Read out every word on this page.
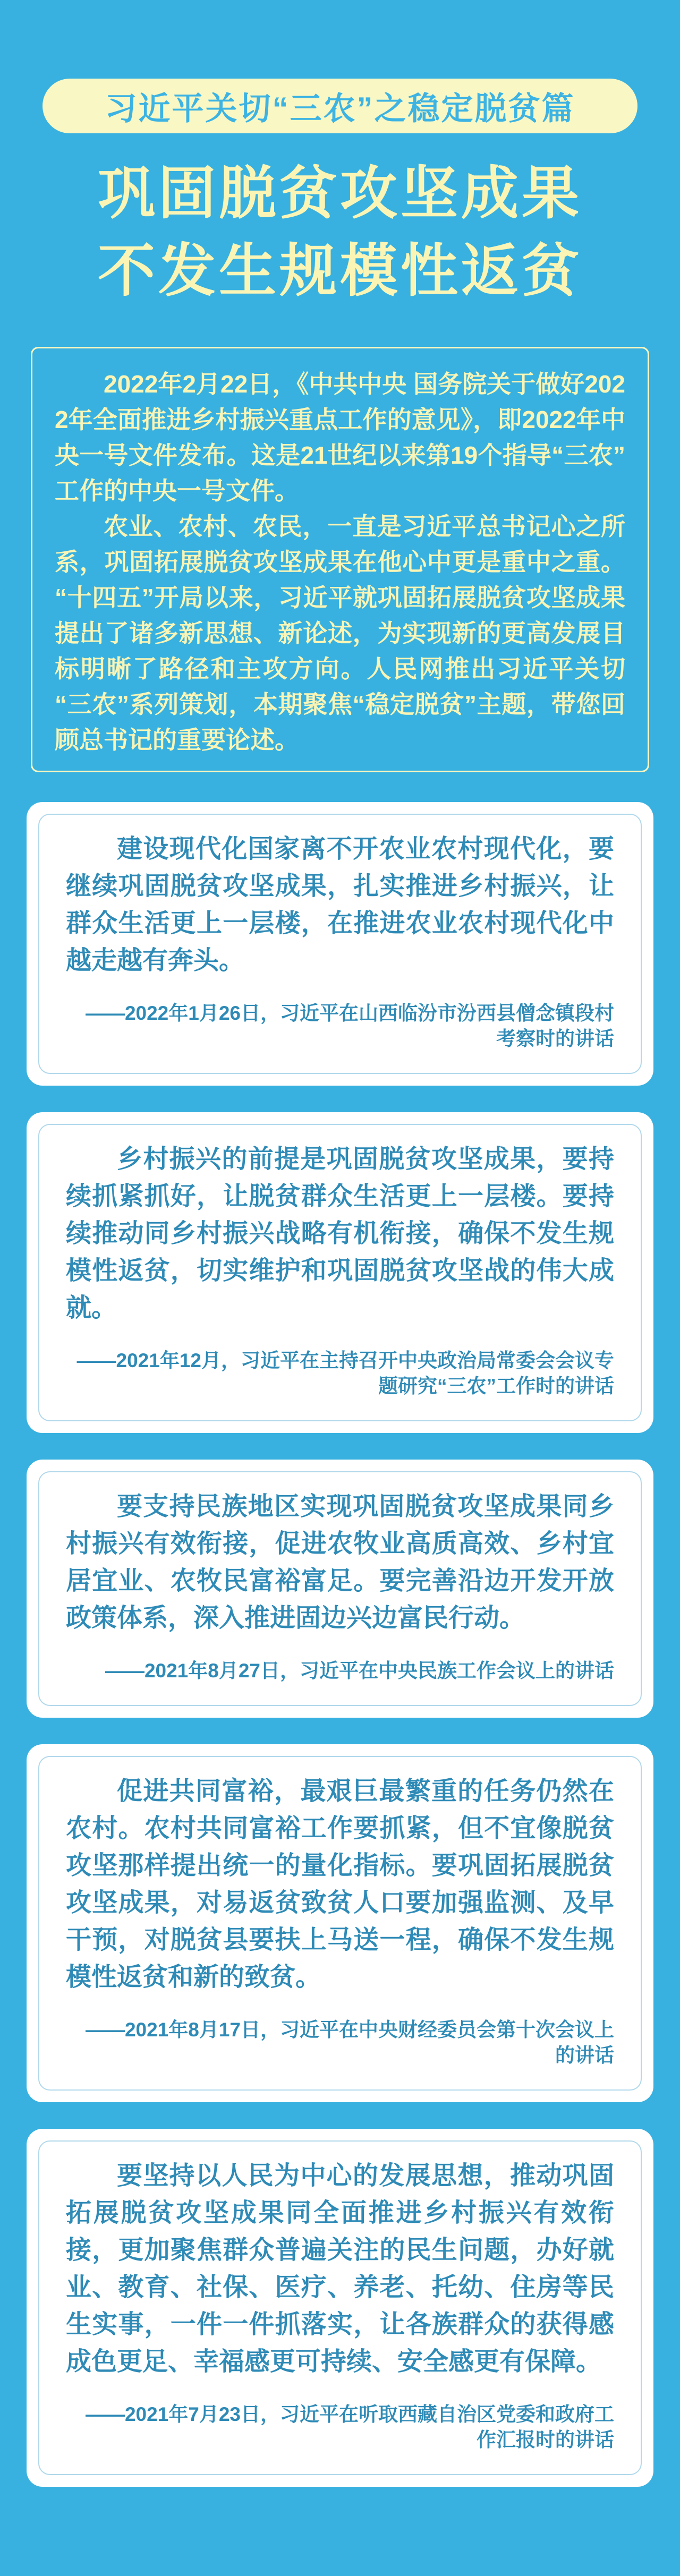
习近平关切“三农”之稳定脱贫篇
巩固脱贫攻坚成果
不发生规模性返贫

2022年2月22日，《中共中央 国务院关于做好2022年全面推进乡村振兴重点工作的意见》，即2022年中央一号文件发布。这是21世纪以来第19个指导“三农”工作的中央一号文件。

农业、农村、农民，一直是习近平总书记心之所系，巩固拓展脱贫攻坚成果在他心中更是重中之重。“十四五”开局以来，习近平就巩固拓展脱贫攻坚成果提出了诸多新思想、新论述，为实现新的更高发展目标明晰了路径和主攻方向。人民网推出习近平关切“三农”系列策划，本期聚焦“稳定脱贫”主题，带您回顾总书记的重要论述。

建设现代化国家离不开农业农村现代化，要继续巩固脱贫攻坚成果，扎实推进乡村振兴，让群众生活更上一层楼，在推进农业农村现代化中越走越有奔头。

——2022年1月26日，习近平在山西临汾市汾西县僧念镇段村考察时的讲话

乡村振兴的前提是巩固脱贫攻坚成果，要持续抓紧抓好，让脱贫群众生活更上一层楼。要持续推动同乡村振兴战略有机衔接，确保不发生规模性返贫，切实维护和巩固脱贫攻坚战的伟大成就。

——2021年12月，习近平在主持召开中央政治局常委会会议专题研究“三农”工作时的讲话

要支持民族地区实现巩固脱贫攻坚成果同乡村振兴有效衔接，促进农牧业高质高效、乡村宜居宜业、农牧民富裕富足。要完善沿边开发开放政策体系，深入推进固边兴边富民行动。

——2021年8月27日，习近平在中央民族工作会议上的讲话

促进共同富裕，最艰巨最繁重的任务仍然在农村。农村共同富裕工作要抓紧，但不宜像脱贫攻坚那样提出统一的量化指标。要巩固拓展脱贫攻坚成果，对易返贫致贫人口要加强监测、及早干预，对脱贫县要扶上马送一程，确保不发生规模性返贫和新的致贫。

——2021年8月17日，习近平在中央财经委员会第十次会议上的讲话

要坚持以人民为中心的发展思想，推动巩固拓展脱贫攻坚成果同全面推进乡村振兴有效衔接，更加聚焦群众普遍关注的民生问题，办好就业、教育、社保、医疗、养老、托幼、住房等民生实事，一件一件抓落实，让各族群众的获得感成色更足、幸福感更可持续、安全感更有保障。

——2021年7月23日，习近平在听取西藏自治区党委和政府工作汇报时的讲话
